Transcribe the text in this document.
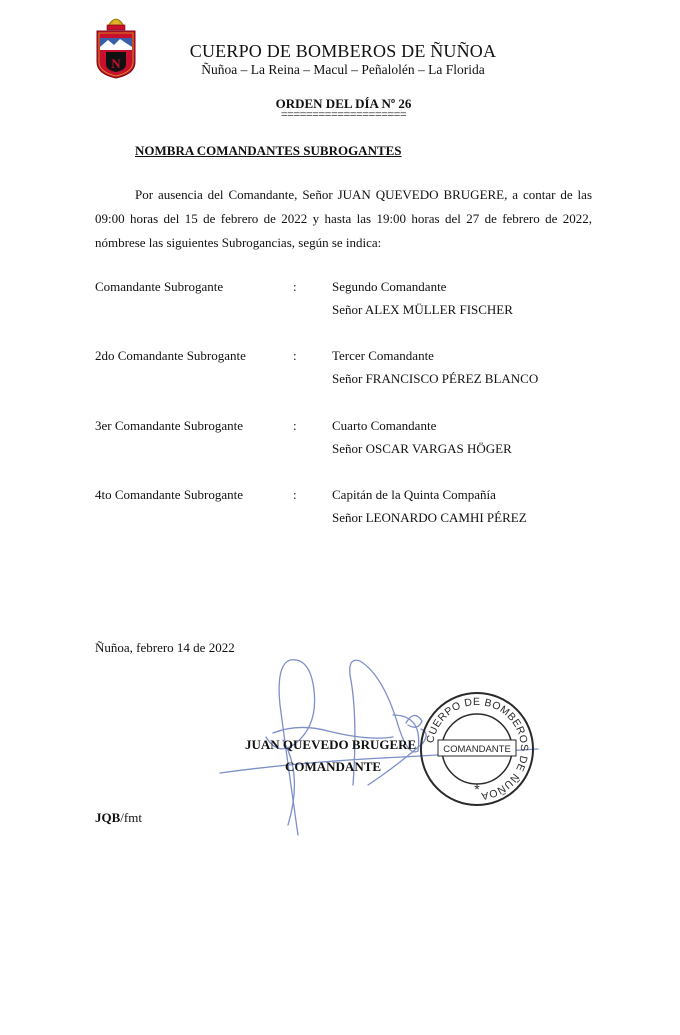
N
CUERPO DE BOMBEROS DE ÑUÑOA
Ñuñoa – La Reina – Macul – Peñalolén – La Florida
ORDEN DEL DÍA Nº 26
====================
NOMBRA COMANDANTES SUBROGANTES

Por ausencia del Comandante, Señor JUAN QUEVEDO BRUGERE, a contar de las 09:00 horas del 15 de febrero de 2022 y hasta las 19:00 horas del 27 de febrero de 2022, nómbrese las siguientes Subrogancias, según se indica:

Comandante Subrogante	:	Segundo Comandante
Señor ALEX MÜLLER FISCHER
2do Comandante Subrogante	:	Tercer Comandante
Señor FRANCISCO PÉREZ BLANCO
3er Comandante Subrogante	:	Cuarto Comandante
Señor OSCAR VARGAS HÖGER
4to Comandante Subrogante	:	Capitán de la Quinta Compañía
Señor LEONARDO CAMHI PÉREZ
Ñuñoa, febrero 14 de 2022
JUAN QUEVEDO BRUGERE
COMANDANTE
CUERPO DE BOMBEROS DE ÑUÑOA
COMANDANTE
*
JQB/fmt
